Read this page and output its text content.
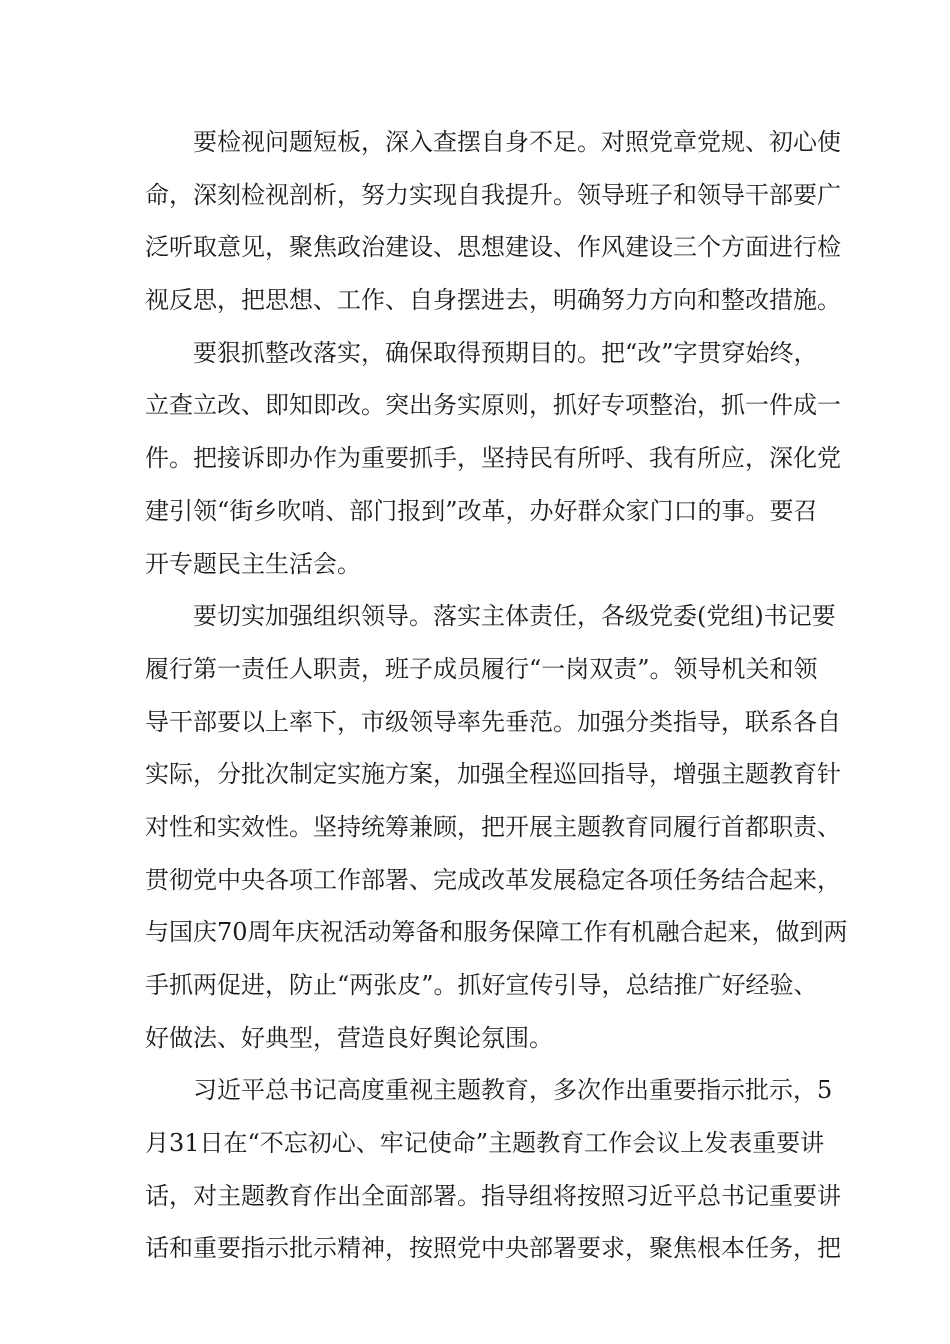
要检视问题短板，深入查摆自身不足。对照党章党规、初心使
命，深刻检视剖析，努力实现自我提升。领导班子和领导干部要广
泛听取意见，聚焦政治建设、思想建设、作风建设三个方面进行检
视反思，把思想、工作、自身摆进去，明确努力方向和整改措施。
要狠抓整改落实，确保取得预期目的。把“改”字贯穿始终，
立查立改、即知即改。突出务实原则，抓好专项整治，抓一件成一
件。把接诉即办作为重要抓手，坚持民有所呼、我有所应，深化党
建引领“街乡吹哨、部门报到”改革，办好群众家门口的事。要召
开专题民主生活会。
要切实加强组织领导。落实主体责任，各级党委(党组)书记要
履行第一责任人职责，班子成员履行“一岗双责”。领导机关和领
导干部要以上率下，市级领导率先垂范。加强分类指导，联系各自
实际，分批次制定实施方案，加强全程巡回指导，增强主题教育针
对性和实效性。坚持统筹兼顾，把开展主题教育同履行首都职责、
贯彻党中央各项工作部署、完成改革发展稳定各项任务结合起来，
与国庆70周年庆祝活动筹备和服务保障工作有机融合起来，做到两
手抓两促进，防止“两张皮”。抓好宣传引导，总结推广好经验、
好做法、好典型，营造良好舆论氛围。
习近平总书记高度重视主题教育，多次作出重要指示批示，5
月31日在“不忘初心、牢记使命”主题教育工作会议上发表重要讲
话，对主题教育作出全面部署。指导组将按照习近平总书记重要讲
话和重要指示批示精神，按照党中央部署要求，聚焦根本任务，把
